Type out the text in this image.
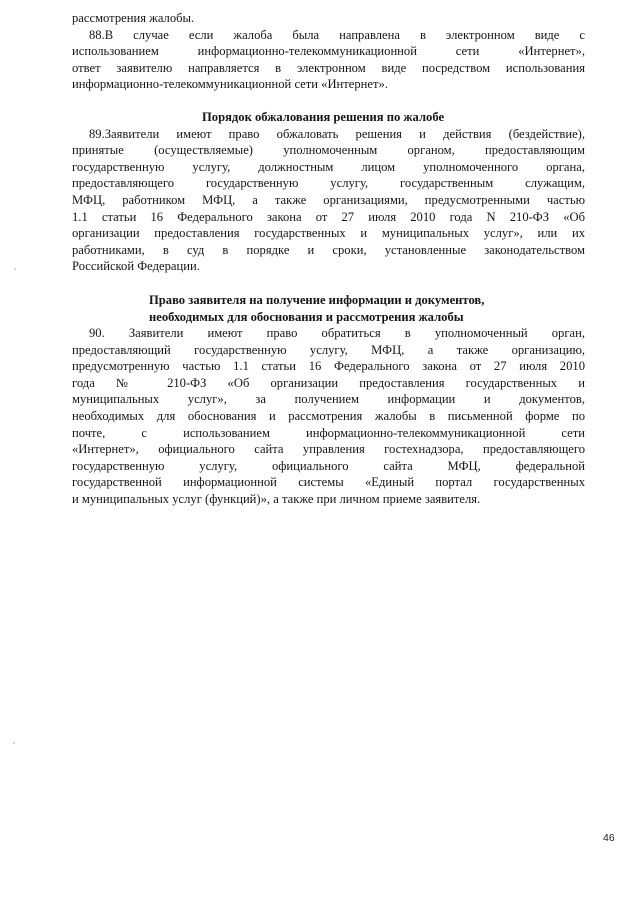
рассмотрения жалобы.
88.В случае если жалоба была направлена в электронном виде с
использованием информационно-телекоммуникационной сети «Интернет»,
ответ заявителю направляется в электронном виде посредством использования
информационно-телекоммуникационной сети «Интернет».
Порядок обжалования решения по жалобе
89.Заявители имеют право обжаловать решения и действия (бездействие),
принятые (осуществляемые) уполномоченным органом, предоставляющим
государственную услугу, должностным лицом уполномоченного органа,
предоставляющего государственную услугу, государственным служащим,
МФЦ, работником МФЦ, а также организациями, предусмотренными частью
1.1 статьи 16 Федерального закона от 27 июля 2010 года N 210-ФЗ «Об
организации предоставления государственных и муниципальных услуг», или их
работниками, в суд в порядке и сроки, установленные законодательством
Российской Федерации.
Право заявителя на получение информации и документов,
необходимых для обоснования и рассмотрения жалобы
90. Заявители имеют право обратиться в уполномоченный орган,
предоставляющий государственную услугу, МФЦ, а также организацию,
предусмотренную частью 1.1 статьи 16 Федерального закона от 27 июля 2010
года № 210-ФЗ «Об организации предоставления государственных и
муниципальных услуг», за получением информации и документов,
необходимых для обоснования и рассмотрения жалобы в письменной форме по
почте, с использованием информационно-телекоммуникационной сети
«Интернет», официального сайта управления гостехнадзора, предоставляющего
государственную услугу, официального сайта МФЦ, федеральной
государственной информационной системы «Единый портал государственных
и муниципальных услуг (функций)», а также при личном приеме заявителя.
46
